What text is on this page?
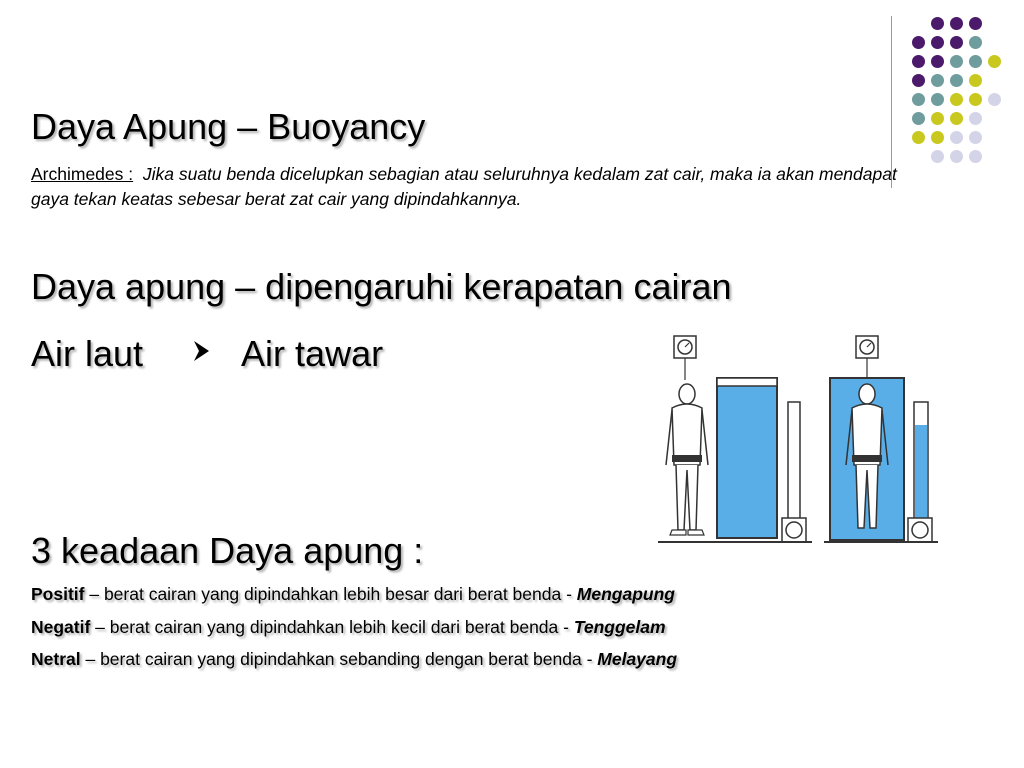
Daya Apung – Buoyancy
Archimedes : Jika suatu benda dicelupkan sebagian atau seluruhnya kedalam zat cair, maka ia akan mendapat gaya tekan keatas sebesar berat zat cair yang dipindahkannya.
Daya apung – dipengaruhi kerapatan cairan
Air laut	Air tawar
3 keadaan Daya apung :
Positif – berat cairan yang dipindahkan lebih besar dari berat benda - Mengapung
Negatif – berat cairan yang dipindahkan lebih kecil dari berat benda - Tenggelam
Netral – berat cairan yang dipindahkan sebanding dengan berat benda - Melayang
